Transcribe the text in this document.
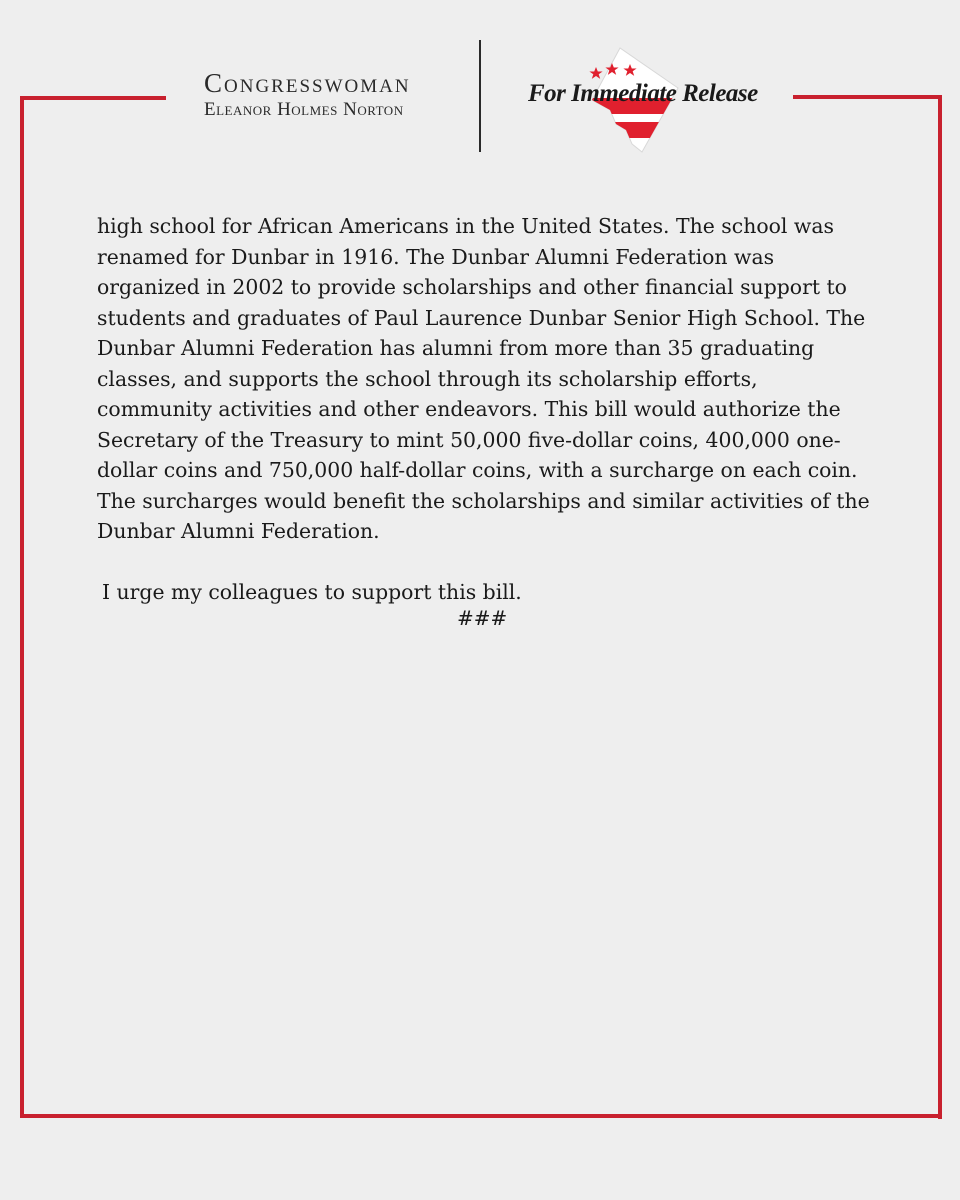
Congresswoman
Eleanor Holmes Norton
For Immediate Release

high school for African Americans in the United States. The school was renamed for Dunbar in 1916. The Dunbar Alumni Federation was organized in 2002 to provide scholarships and other financial support to students and graduates of Paul Laurence Dunbar Senior High School. The Dunbar Alumni Federation has alumni from more than 35 graduating classes, and supports the school through its scholarship efforts, community activities and other endeavors. This bill would authorize the Secretary of the Treasury to mint 50,000 five-dollar coins, 400,000 one-dollar coins and 750,000 half-dollar coins, with a surcharge on each coin. The surcharges would benefit the scholarships and similar activities of the Dunbar Alumni Federation.

I urge my colleagues to support this bill.

###
